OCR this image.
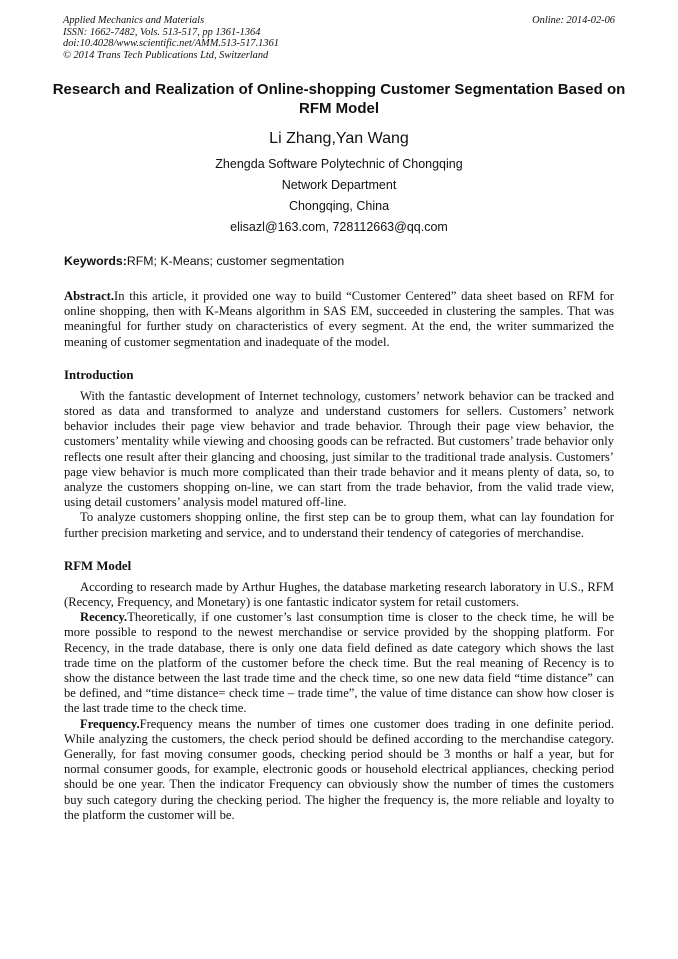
Applied Mechanics and Materials
ISSN: 1662-7482, Vols. 513-517, pp 1361-1364
doi:10.4028/www.scientific.net/AMM.513-517.1361
© 2014 Trans Tech Publications Ltd, Switzerland
Online: 2014-02-06
Research and Realization of Online-shopping Customer Segmentation Based on RFM Model
Li Zhang,Yan Wang
Zhengda Software Polytechnic of Chongqing
Network Department
Chongqing, China
elisazl@163.com, 728112663@qq.com
Keywords:RFM; K-Means; customer segmentation

Abstract.In this article, it provided one way to build “Customer Centered” data sheet based on RFM for online shopping, then with K-Means algorithm in SAS EM, succeeded in clustering the samples. That was meaningful for further study on characteristics of every segment. At the end, the writer summarized the meaning of customer segmentation and inadequate of the model.

Introduction

With the fantastic development of Internet technology, customers’ network behavior can be tracked and stored as data and transformed to analyze and understand customers for sellers. Customers’ network behavior includes their page view behavior and trade behavior. Through their page view behavior, the customers’ mentality while viewing and choosing goods can be refracted. But customers’ trade behavior only reflects one result after their glancing and choosing, just similar to the traditional trade analysis. Customers’ page view behavior is much more complicated than their trade behavior and it means plenty of data, so, to analyze the customers shopping on-line, we can start from the trade behavior, from the valid trade view, using detail customers’ analysis model matured off-line.

To analyze customers shopping online, the first step can be to group them, what can lay foundation for further precision marketing and service, and to understand their tendency of categories of merchandise.

RFM Model

According to research made by Arthur Hughes, the database marketing research laboratory in U.S., RFM (Recency, Frequency, and Monetary) is one fantastic indicator system for retail customers.

Recency.Theoretically, if one customer’s last consumption time is closer to the check time, he will be more possible to respond to the newest merchandise or service provided by the shopping platform. For Recency, in the trade database, there is only one data field defined as date category which shows the last trade time on the platform of the customer before the check time. But the real meaning of Recency is to show the distance between the last trade time and the check time, so one new data field “time distance” can be defined, and “time distance= check time – trade time”, the value of time distance can show how closer is the last trade time to the check time.

Frequency.Frequency means the number of times one customer does trading in one definite period. While analyzing the customers, the check period should be defined according to the merchandise category. Generally, for fast moving consumer goods, checking period should be 3 months or half a year, but for normal consumer goods, for example, electronic goods or household electrical appliances, checking period should be one year. Then the indicator Frequency can obviously show the number of times the customers buy such category during the checking period. The higher the frequency is, the more reliable and loyalty to the platform the customer will be.
